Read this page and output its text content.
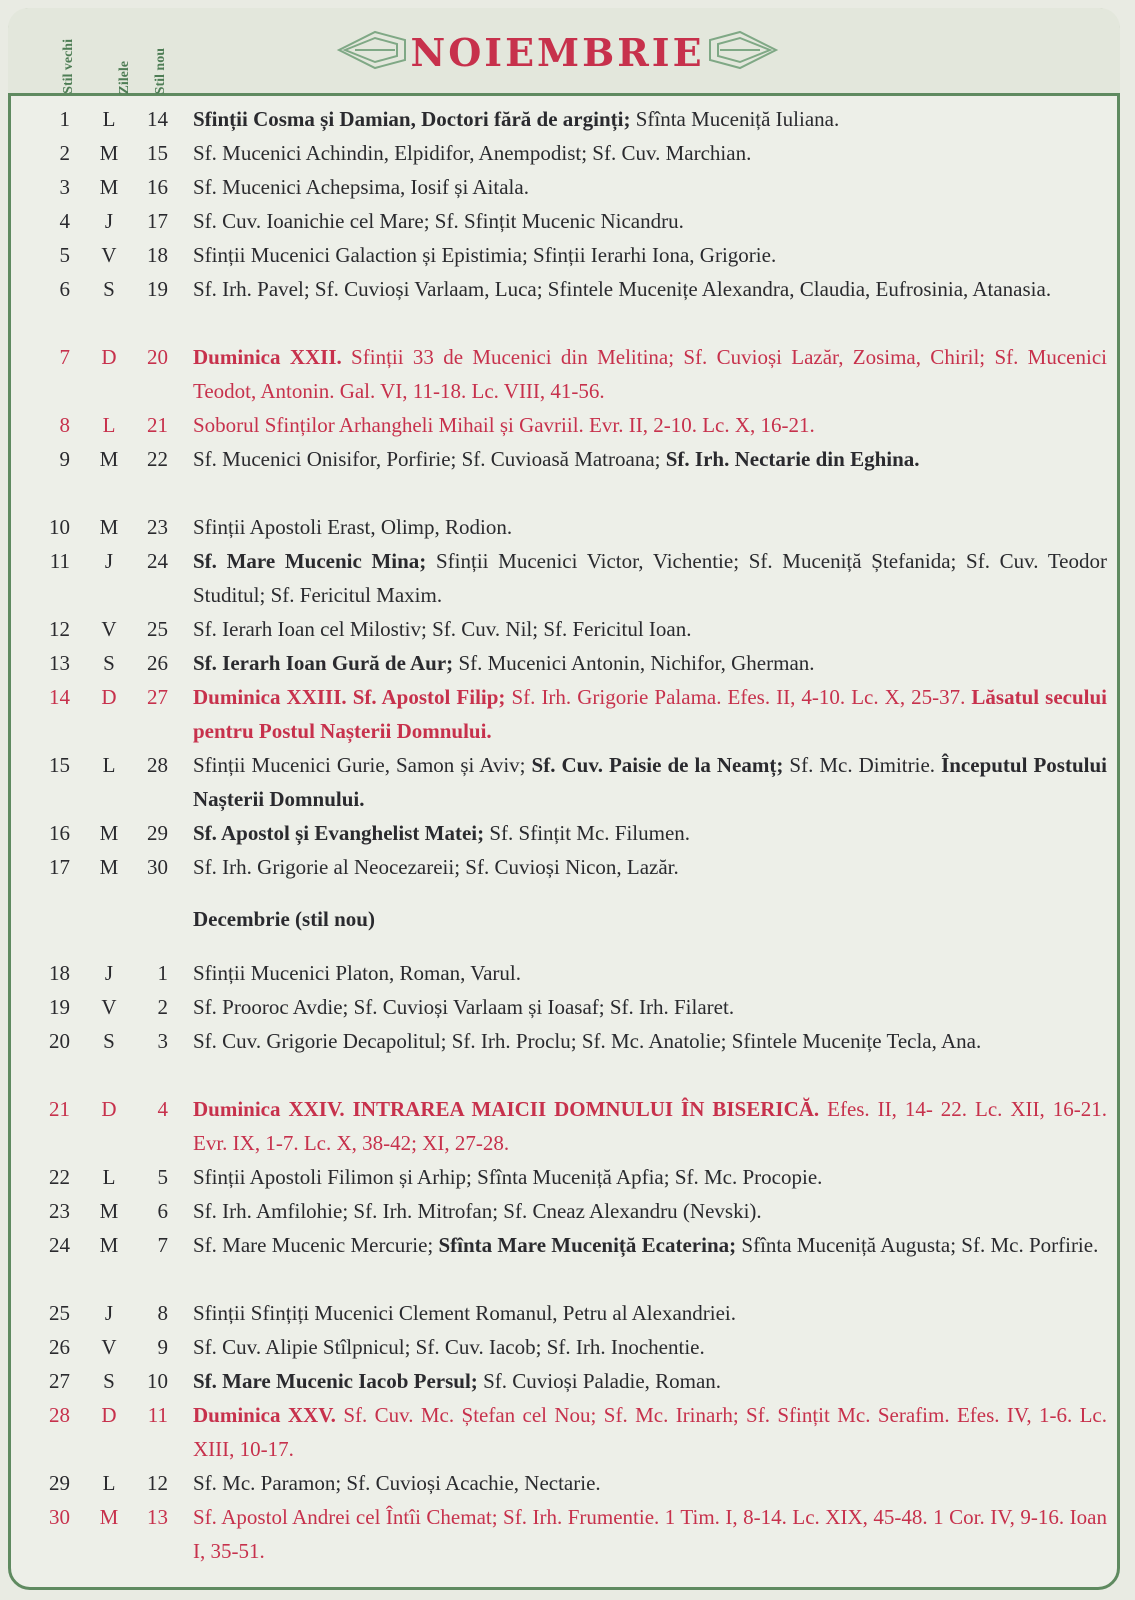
Stil vechi	Zilele Stil nou	NOIEMBRIE
1	L	14 Sfinții Cosma și Damian, Doctori fără de arginți; Sfînta Muceniță Iuliana.

2 M	15 Sf. Mucenici Achindin, Elpidifor, Anempodist; Sf. Cuv. Marchian.

3 M	16 Sf. Mucenici Achepsima, Iosif și Aitala.

4	J	17 Sf. Cuv. Ioanichie cel Mare; Sf. Sfințit Mucenic Nicandru.

5	V	18 Sfinții Mucenici Galaction și Epistimia; Sfinții Ierarhi Iona, Grigorie.

6	S	19 Sf. Irh. Pavel; Sf. Cuvioși Varlaam, Luca; Sfintele Mucenițe Alexandra, Claudia, Eufrosinia, Atanasia.

7	D	20 Duminica XXII. Sfinții 33 de Mucenici din Melitina; Sf. Cuvioși Lazăr, Zosima, Chiril; Sf. Mucenici Teodot, Antonin. Gal. VI, 11-18. Lc. VIII, 41-56.

8	L	21 Soborul Sfinților Arhangheli Mihail și Gavriil. Evr. II, 2-10. Lc. X, 16-21.

9 M	22 Sf. Mucenici Onisifor, Porfirie; Sf. Cuvioasă Matroana; Sf. Irh. Nectarie din Eghina.

10 M	23 Sfinții Apostoli Erast, Olimp, Rodion.

11	J	24 Sf. Mare Mucenic Mina; Sfinții Mucenici Victor, Vichentie; Sf. Muceniță Ștefanida; Sf. Cuv. Teodor Studitul; Sf. Fericitul Maxim.

12	V	25 Sf. Ierarh Ioan cel Milostiv; Sf. Cuv. Nil; Sf. Fericitul Ioan.

13	S	26 Sf. Ierarh Ioan Gură de Aur; Sf. Mucenici Antonin, Nichifor, Gherman.

14	D	27 Duminica XXIII. Sf. Apostol Filip; Sf. Irh. Grigorie Palama. Efes. II, 4-10. Lc. X, 25-37. Lăsatul secului pentru Postul Nașterii Domnului.

15	L	28 Sfinții Mucenici Gurie, Samon și Aviv; Sf. Cuv. Paisie de la Neamț; Sf. Mc. Dimitrie. Începutul Postului Nașterii Domnului.

16 M	29 Sf. Apostol și Evanghelist Matei; Sf. Sfințit Mc. Filumen.

17 M	30 Sf. Irh. Grigorie al Neocezareii; Sf. Cuvioși Nicon, Lazăr.

18	J	1 Sfinții Mucenici Platon, Roman, Varul.

19	V	2 Sf. Prooroc Avdie; Sf. Cuvioși Varlaam și Ioasaf; Sf. Irh. Filaret.

20	S	3 Sf. Cuv. Grigorie Decapolitul; Sf. Irh. Proclu; Sf. Mc. Anatolie; Sfintele Mucenițe Tecla, Ana.

21	D	4 Duminica XXIV. INTRAREA MAICII DOMNULUI ÎN BISERICĂ. Efes. II, 14- 22. Lc. XII, 16-21. Evr. IX, 1-7. Lc. X, 38-42; XI, 27-28.

22	L	5 Sfinții Apostoli Filimon și Arhip; Sfînta Muceniță Apfia; Sf. Mc. Procopie.

23 M	6 Sf. Irh. Amfilohie; Sf. Irh. Mitrofan; Sf. Cneaz Alexandru (Nevski).

24 M	7 Sf. Mare Mucenic Mercurie; Sfînta Mare Muceniță Ecaterina; Sfînta Muceniță Augusta; Sf. Mc. Porfirie.

25	J	8 Sfinții Sfințiți Mucenici Clement Romanul, Petru al Alexandriei.

26	V	9 Sf. Cuv. Alipie Stîlpnicul; Sf. Cuv. Iacob; Sf. Irh. Inochentie.

27	S	10 Sf. Mare Mucenic Iacob Persul; Sf. Cuvioși Paladie, Roman.

28	D	11 Duminica XXV. Sf. Cuv. Mc. Ștefan cel Nou; Sf. Mc. Irinarh; Sf. Sfințit Mc. Serafim. Efes. IV, 1-6. Lc. XIII, 10-17.

29	L	12 Sf. Mc. Paramon; Sf. Cuvioși Acachie, Nectarie.

30 M	13 Sf. Apostol Andrei cel Întîi Chemat; Sf. Irh. Frumentie. 1 Tim. I, 8-14. Lc. XIX, 45-48. 1 Cor. IV, 9-16. Ioan I, 35-51.

Decembrie (stil nou)
